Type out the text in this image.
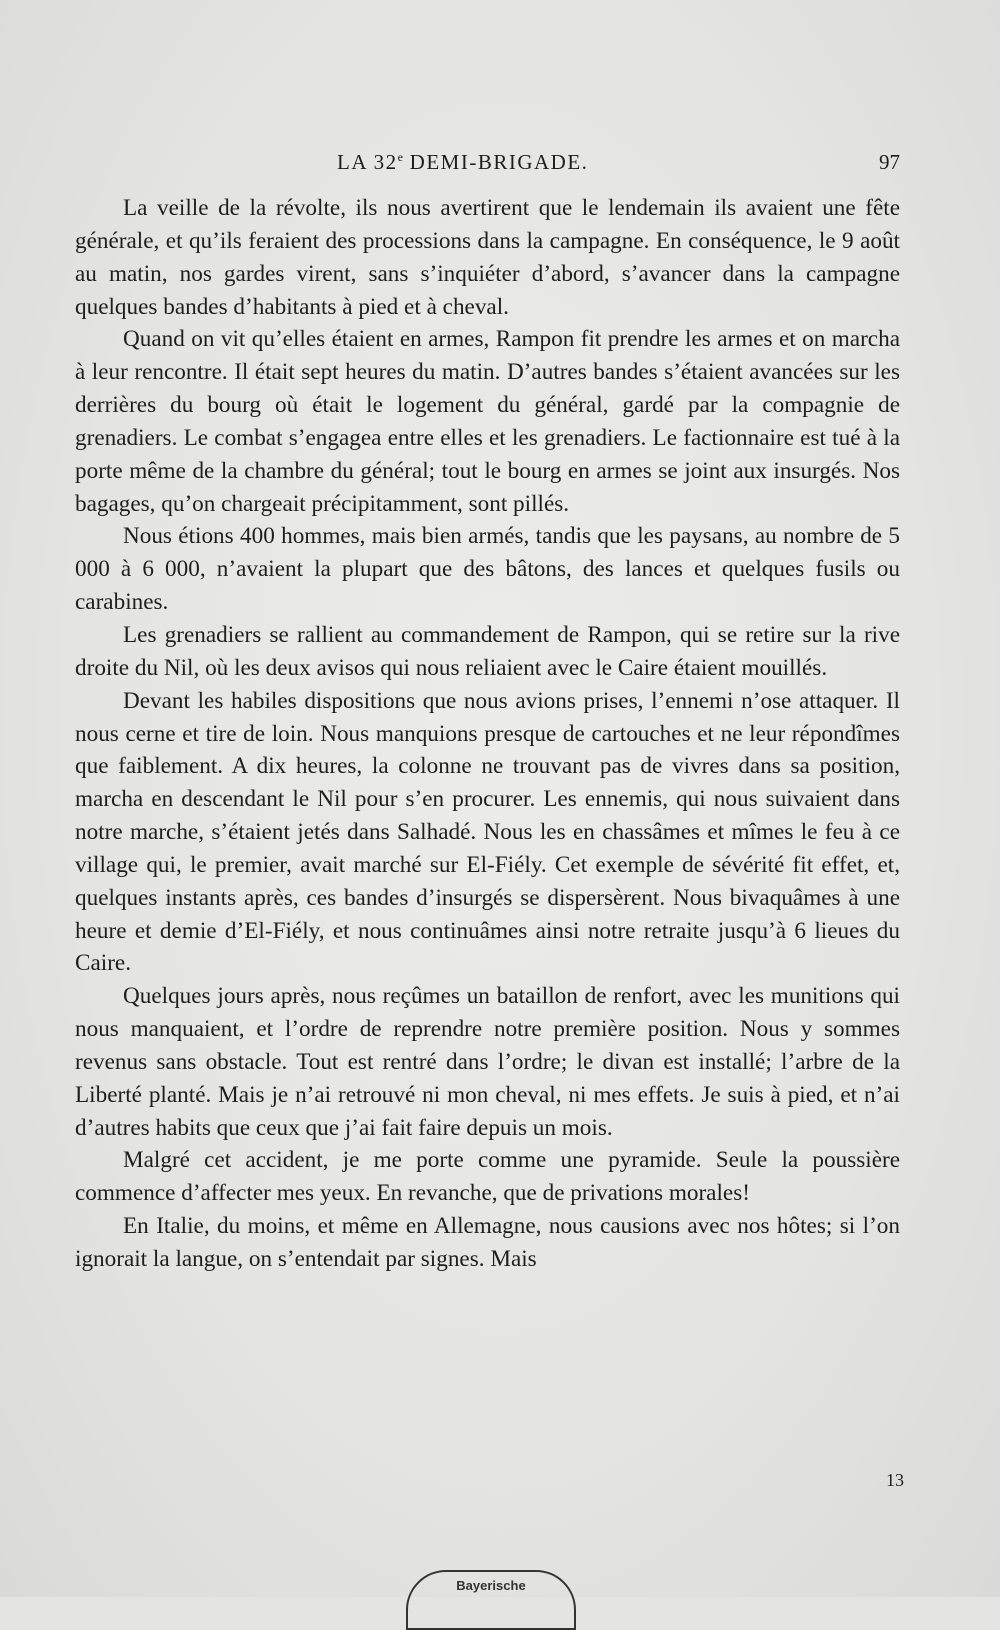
LA 32e DEMI-BRIGADE.	97

La veille de la révolte, ils nous avertirent que le lendemain ils avaient une fête générale, et qu’ils feraient des processions dans la campagne. En conséquence, le 9 août au matin, nos gardes virent, sans s’inquiéter d’abord, s’avancer dans la campagne quelques bandes d’habitants à pied et à cheval.

Quand on vit qu’elles étaient en armes, Rampon fit prendre les armes et on marcha à leur rencontre. Il était sept heures du matin. D’autres bandes s’étaient avancées sur les derrières du bourg où était le logement du général, gardé par la compagnie de grenadiers. Le combat s’engagea entre elles et les grenadiers. Le factionnaire est tué à la porte même de la chambre du général; tout le bourg en armes se joint aux insurgés. Nos bagages, qu’on chargeait précipitamment, sont pillés.

Nous étions 400 hommes, mais bien armés, tandis que les paysans, au nombre de 5 000 à 6 000, n’avaient la plupart que des bâtons, des lances et quelques fusils ou carabines.

Les grenadiers se rallient au commandement de Rampon, qui se retire sur la rive droite du Nil, où les deux avisos qui nous reliaient avec le Caire étaient mouillés.

Devant les habiles dispositions que nous avions prises, l’ennemi n’ose attaquer. Il nous cerne et tire de loin. Nous manquions presque de cartouches et ne leur répondîmes que faiblement. A dix heures, la colonne ne trouvant pas de vivres dans sa position, marcha en descendant le Nil pour s’en procurer. Les ennemis, qui nous suivaient dans notre marche, s’étaient jetés dans Salhadé. Nous les en chassâmes et mîmes le feu à ce village qui, le premier, avait marché sur El-Fiély. Cet exemple de sévérité fit effet, et, quelques instants après, ces bandes d’insurgés se dispersèrent. Nous bivaquâmes à une heure et demie d’El-Fiély, et nous continuâmes ainsi notre retraite jusqu’à 6 lieues du Caire.

Quelques jours après, nous reçûmes un bataillon de renfort, avec les munitions qui nous manquaient, et l’ordre de reprendre notre première position. Nous y sommes revenus sans obstacle. Tout est rentré dans l’ordre; le divan est installé; l’arbre de la Liberté planté. Mais je n’ai retrouvé ni mon cheval, ni mes effets. Je suis à pied, et n’ai d’autres habits que ceux que j’ai fait faire depuis un mois.

Malgré cet accident, je me porte comme une pyramide. Seule la poussière commence d’affecter mes yeux. En revanche, que de privations morales!

En Italie, du moins, et même en Allemagne, nous causions avec nos hôtes; si l’on ignorait la langue, on s’entendait par signes. Mais

13
Bayerische
